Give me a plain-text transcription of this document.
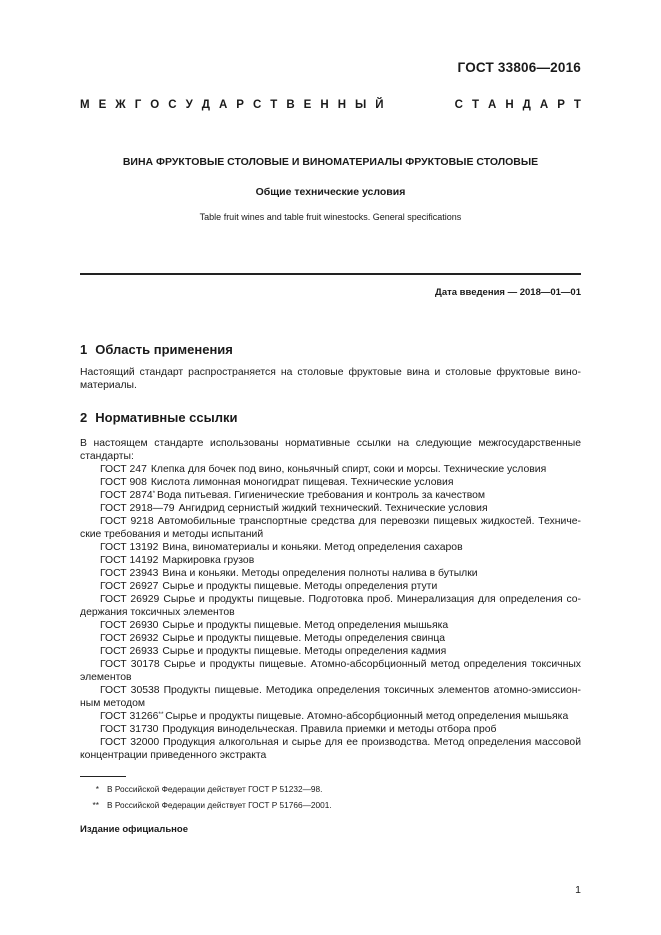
ГОСТ 33806—2016
М Е Ж Г О С У Д А Р С Т В Е Н Н Ы Й	С Т А Н Д А Р Т
ВИНА ФРУКТОВЫЕ СТОЛОВЫЕ И ВИНОМАТЕРИАЛЫ ФРУКТОВЫЕ СТОЛОВЫЕ
Общие технические условия
Table fruit wines and table fruit winestocks. General specifications
Дата введения — 2018—01—01
1 Область применения

Настоящий стандарт распространяется на столовые фруктовые вина и столовые фруктовые вино-материалы.

2 Нормативные ссылки

В настоящем стандарте использованы нормативные ссылки на следующие межгосударственные стандарты:

ГОСТ 247 Клепка для бочек под вино, коньячный спирт, соки и морсы. Технические условия
ГОСТ 908 Кислота лимонная моногидрат пищевая. Технические условия
ГОСТ 2874* Вода питьевая. Гигиенические требования и контроль за качеством
ГОСТ 2918—79 Ангидрид сернистый жидкий технический. Технические условия
ГОСТ 9218 Автомобильные транспортные средства для перевозки пищевых жидкостей. Техниче-ские требования и методы испытаний
ГОСТ 13192 Вина, виноматериалы и коньяки. Метод определения сахаров
ГОСТ 14192 Маркировка грузов
ГОСТ 23943 Вина и коньяки. Методы определения полноты налива в бутылки
ГОСТ 26927 Сырье и продукты пищевые. Методы определения ртути
ГОСТ 26929 Сырье и продукты пищевые. Подготовка проб. Минерализация для определения со-держания токсичных элементов
ГОСТ 26930 Сырье и продукты пищевые. Метод определения мышьяка
ГОСТ 26932 Сырье и продукты пищевые. Методы определения свинца
ГОСТ 26933 Сырье и продукты пищевые. Методы определения кадмия
ГОСТ 30178 Сырье и продукты пищевые. Атомно-абсорбционный метод определения токсичных элементов
ГОСТ 30538 Продукты пищевые. Методика определения токсичных элементов атомно-эмиссион-ным методом
ГОСТ 31266** Сырье и продукты пищевые. Атомно-абсорбционный метод определения мышьяка
ГОСТ 31730 Продукция винодельческая. Правила приемки и методы отбора проб
ГОСТ 32000 Продукция алкогольная и сырье для ее производства. Метод определения массовой концентрации приведенного экстракта
* В Российской Федерации действует ГОСТ Р 51232—98.
** В Российской Федерации действует ГОСТ Р 51766—2001.
Издание официальное
1
